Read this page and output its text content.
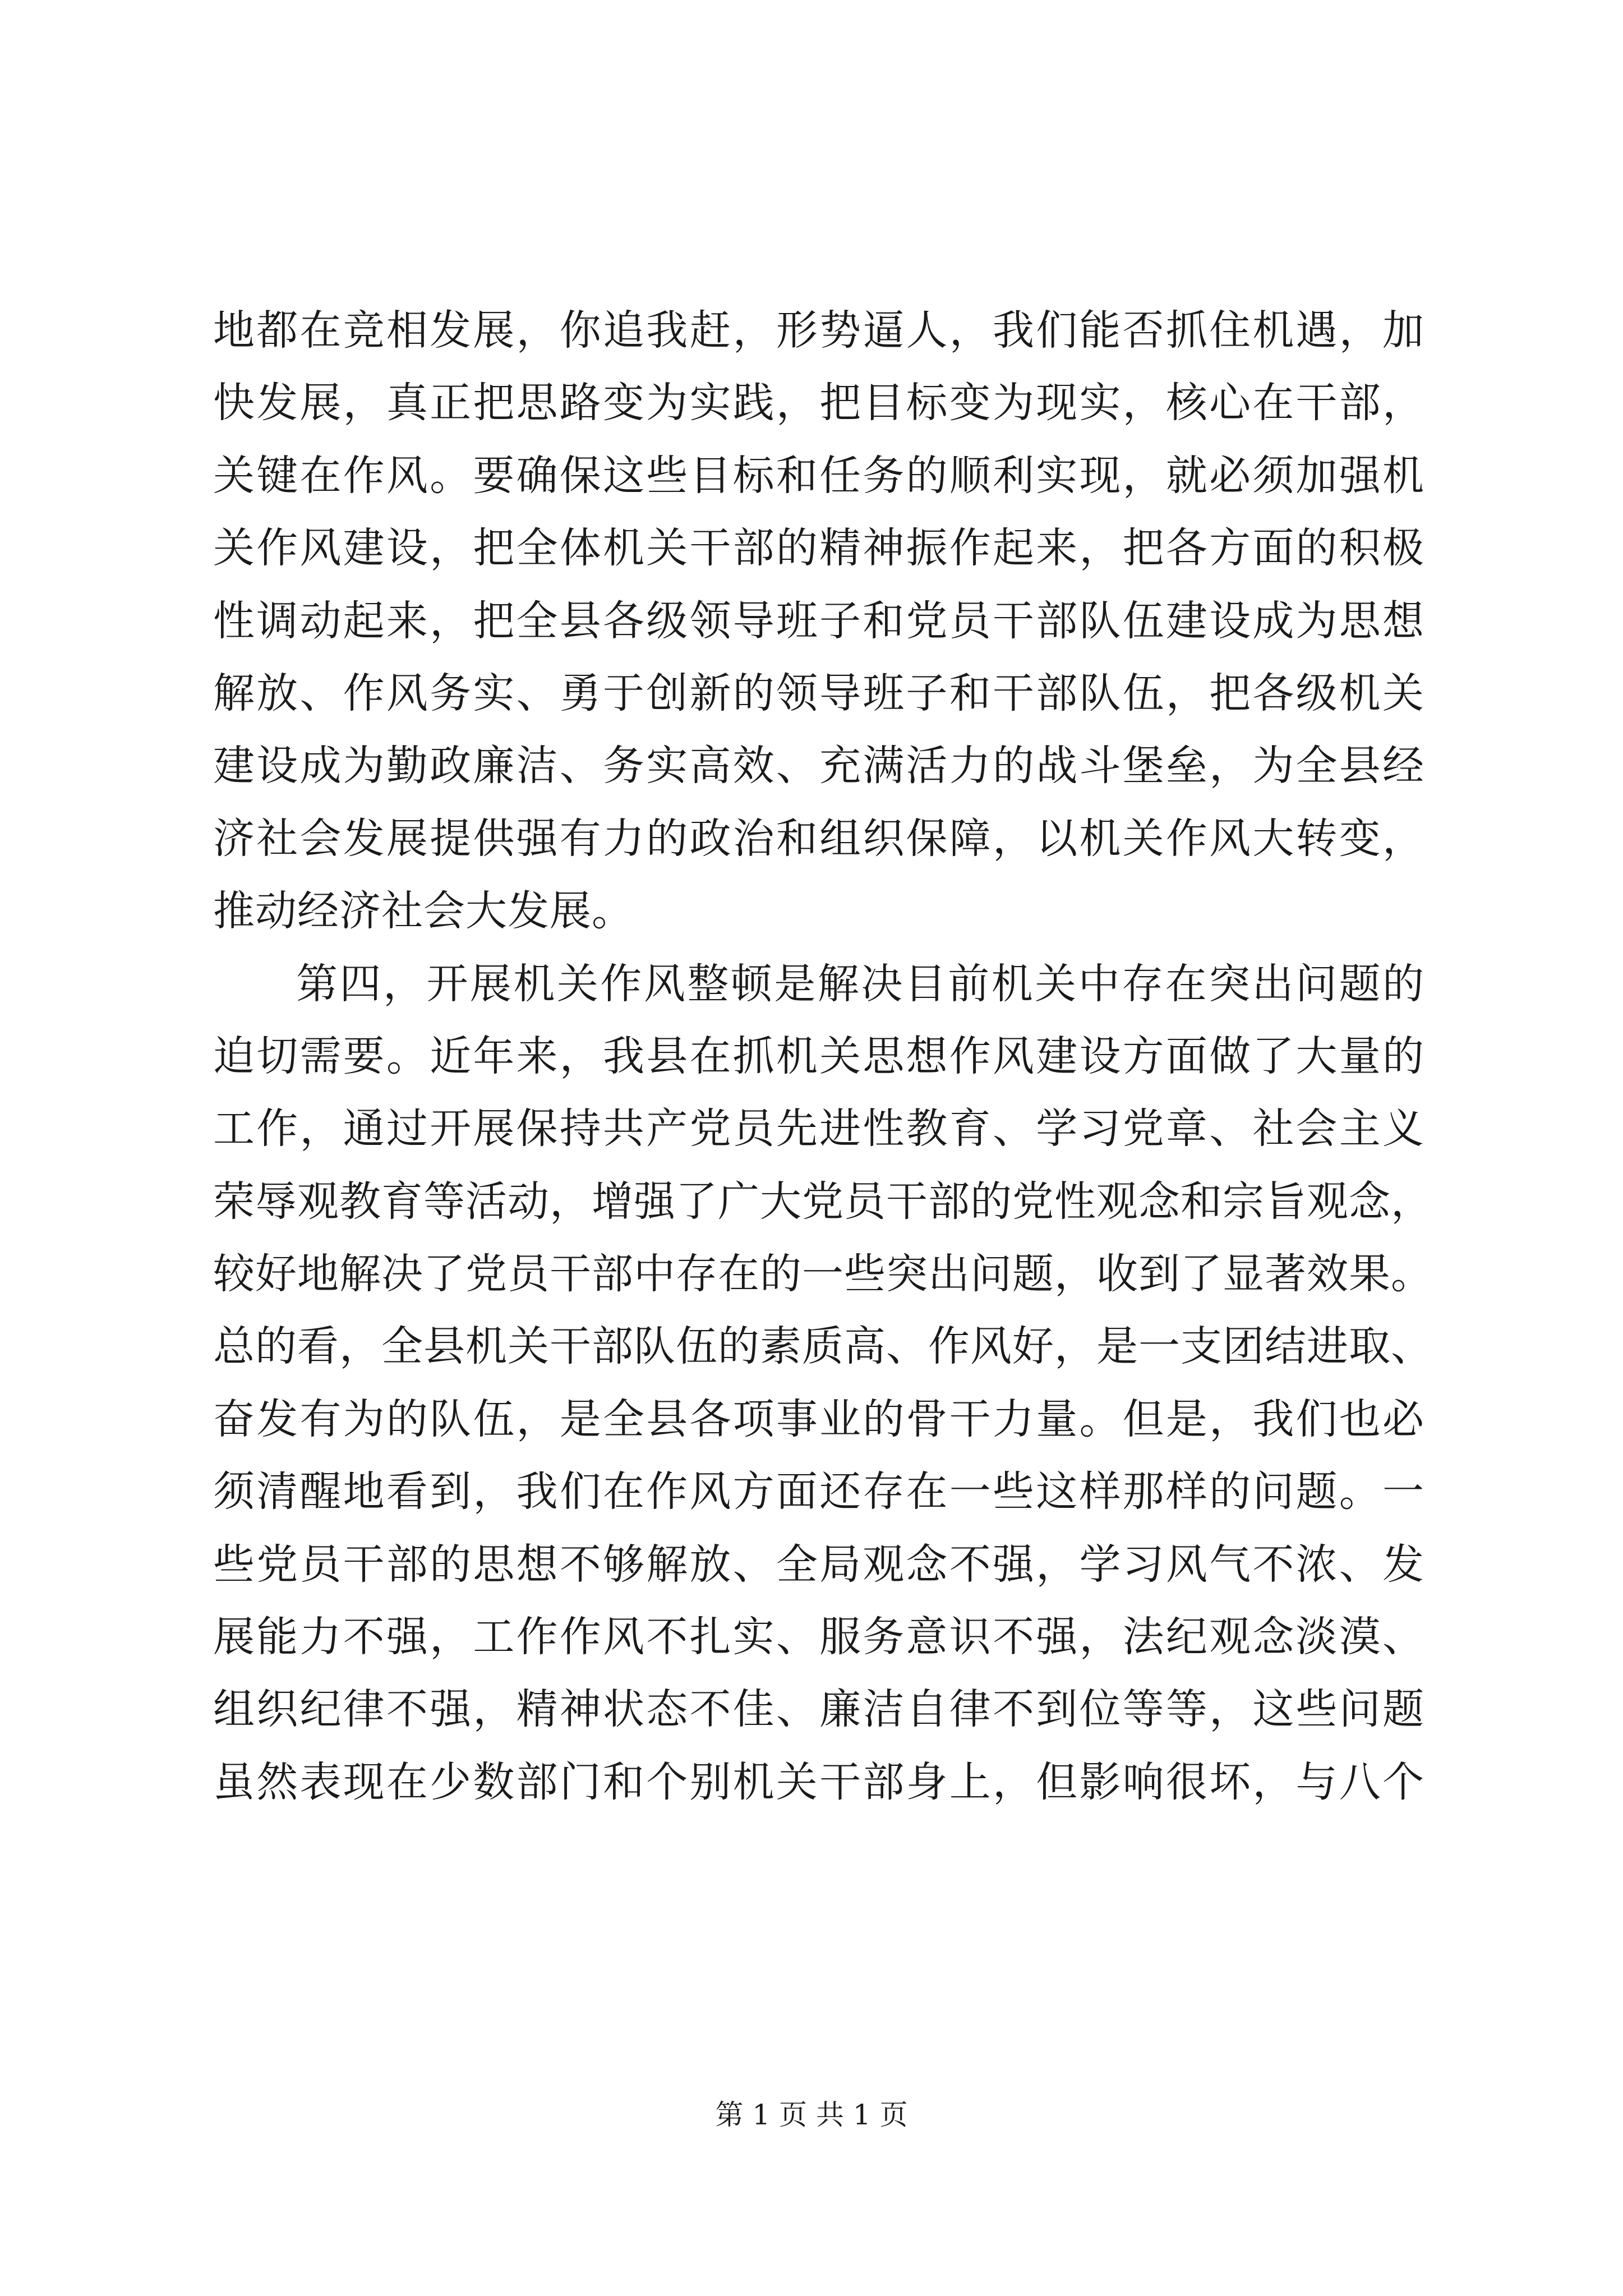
地都在竞相发展，你追我赶，形势逼人，我们能否抓住机遇，加
快发展，真正把思路变为实践，把目标变为现实，核心在干部，
关键在作风。要确保这些目标和任务的顺利实现，就必须加强机
关作风建设，把全体机关干部的精神振作起来，把各方面的积极
性调动起来，把全县各级领导班子和党员干部队伍建设成为思想
解放、作风务实、勇于创新的领导班子和干部队伍，把各级机关
建设成为勤政廉洁、务实高效、充满活力的战斗堡垒，为全县经
济社会发展提供强有力的政治和组织保障，以机关作风大转变，
推动经济社会大发展。
第四，开展机关作风整顿是解决目前机关中存在突出问题的
迫切需要。近年来，我县在抓机关思想作风建设方面做了大量的
工作，通过开展保持共产党员先进性教育、学习党章、社会主义
荣辱观教育等活动，增强了广大党员干部的党性观念和宗旨观念，
较好地解决了党员干部中存在的一些突出问题，收到了显著效果。
总的看，全县机关干部队伍的素质高、作风好，是一支团结进取、
奋发有为的队伍，是全县各项事业的骨干力量。但是，我们也必
须清醒地看到，我们在作风方面还存在一些这样那样的问题。一
些党员干部的思想不够解放、全局观念不强，学习风气不浓、发
展能力不强，工作作风不扎实、服务意识不强，法纪观念淡漠、
组织纪律不强，精神状态不佳、廉洁自律不到位等等，这些问题
虽然表现在少数部门和个别机关干部身上，但影响很坏，与八个
第 1 页 共 1 页
